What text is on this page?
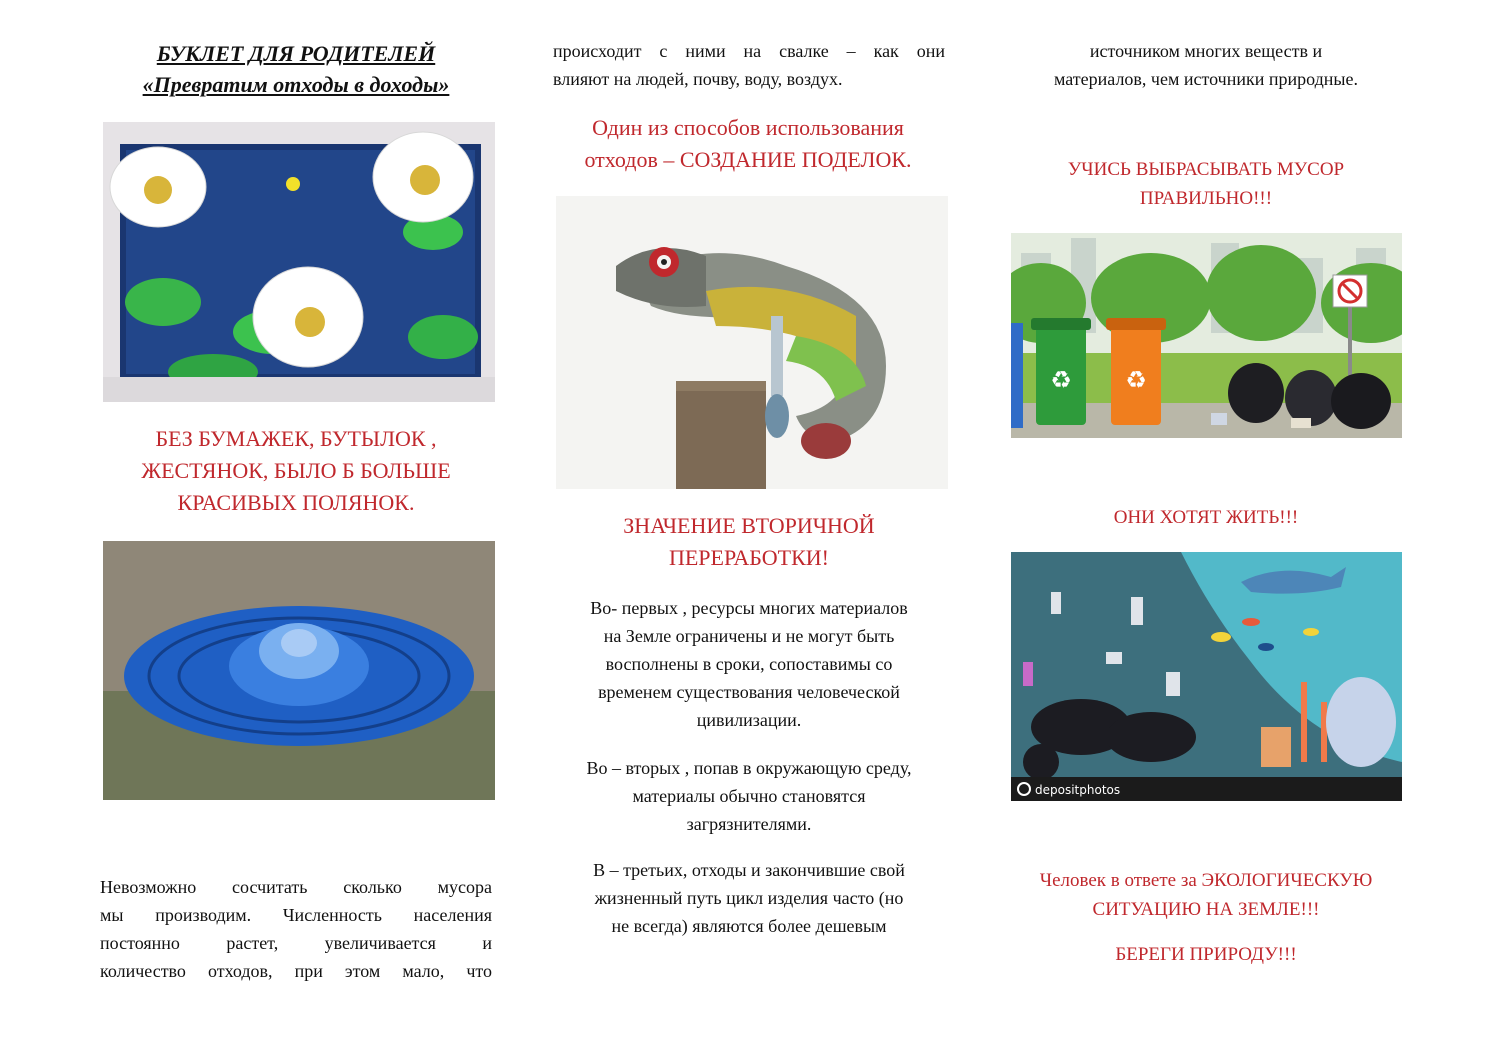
БУКЛЕТ ДЛЯ РОДИТЕЛЕЙ
«Превратим отходы в доходы»
БЕЗ БУМАЖЕК, БУТЫЛОК ,
ЖЕСТЯНОК, БЫЛО Б БОЛЬШЕ
КРАСИВЫХ ПОЛЯНОК.

Невозможно сосчитать сколько мусора

мы производим. Численность населения

постоянно растет, увеличивается и

количество отходов, при этом мало, что

происходит с ними на свалке – как они

влияют на людей, почву, воду, воздух.

Один из способов использования
отходов – СОЗДАНИЕ ПОДЕЛОК.
ЗНАЧЕНИЕ ВТОРИЧНОЙ
ПЕРЕРАБОТКИ!

Во- первых , ресурсы многих материалов

на Земле ограничены и не могут быть

восполнены в сроки, сопоставимы со

временем существования человеческой

цивилизации.

Во – вторых , попав в окружающую среду,

материалы обычно становятся

загрязнителями.

В – третьих, отходы и закончившие свой

жизненный путь цикл изделия часто (но

не всегда) являются более дешевым

источником многих веществ и

материалов, чем источники природные.

УЧИСЬ ВЫБРАСЫВАТЬ МУСОР
ПРАВИЛЬНО!!!
♻ ♻
ОНИ ХОТЯТ ЖИТЬ!!!
depositphotos
Человек в ответе за ЭКОЛОГИЧЕСКУЮ
СИТУАЦИЮ НА ЗЕМЛЕ!!!
БЕРЕГИ ПРИРОДУ!!!
